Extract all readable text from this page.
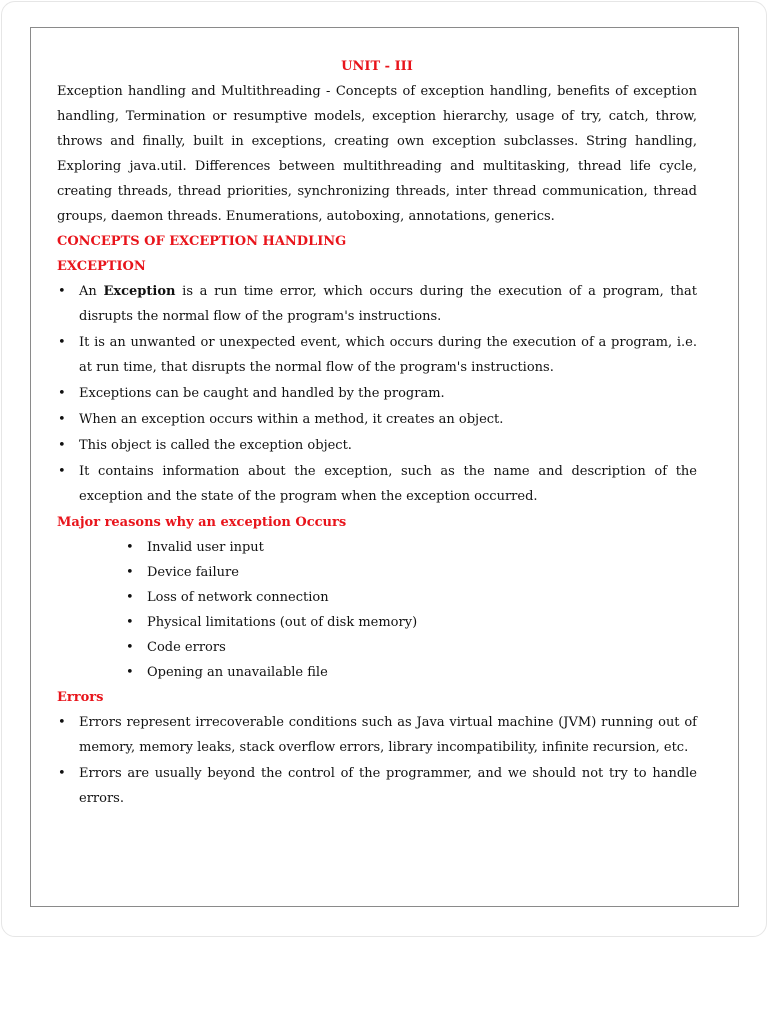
UNIT - III

Exception handling and Multithreading - Concepts of exception handling, benefits of exception handling, Termination or resumptive models, exception hierarchy, usage of try, catch, throw, throws and finally, built in exceptions, creating own exception subclasses. String handling, Exploring java.util. Differences between multithreading and multitasking, thread life cycle, creating threads, thread priorities, synchronizing threads, inter thread communication, thread groups, daemon threads. Enumerations, autoboxing, annotations, generics.

CONCEPTS OF EXCEPTION HANDLING
EXCEPTION
• An Exception is a run time error, which occurs during the execution of a program, that disrupts the normal flow of the program's instructions.
• It is an unwanted or unexpected event, which occurs during the execution of a program, i.e. at run time, that disrupts the normal flow of the program's instructions.
• Exceptions can be caught and handled by the program.
• When an exception occurs within a method, it creates an object.
• This object is called the exception object.
• It contains information about the exception, such as the name and description of the exception and the state of the program when the exception occurred.
Major reasons why an exception Occurs
• Invalid user input
• Device failure
• Loss of network connection
• Physical limitations (out of disk memory)
• Code errors
• Opening an unavailable file
Errors
• Errors represent irrecoverable conditions such as Java virtual machine (JVM) running out of memory, memory leaks, stack overflow errors, library incompatibility, infinite recursion, etc.
• Errors are usually beyond the control of the programmer, and we should not try to handle errors.
